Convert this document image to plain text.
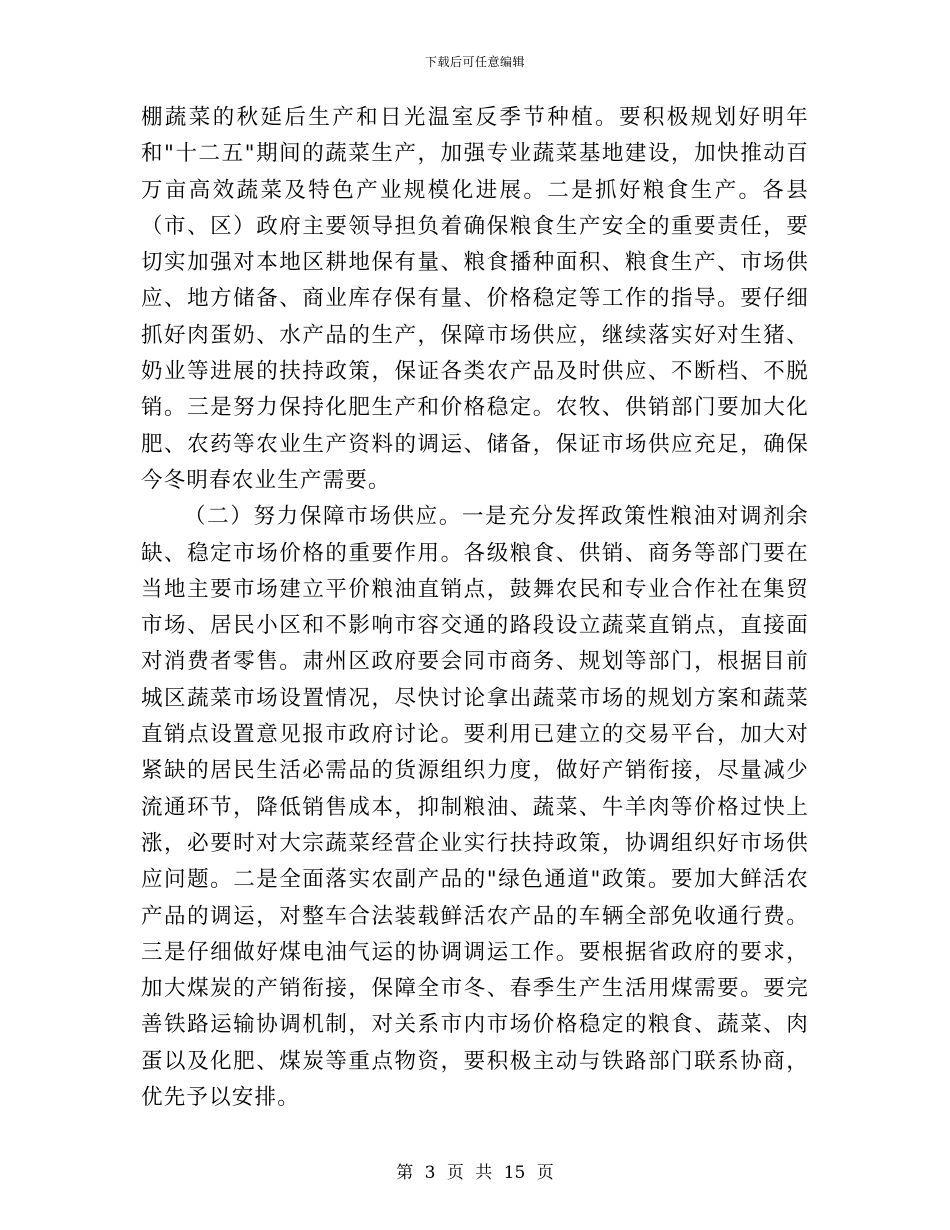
下载后可任意编辑

棚蔬菜的秋延后生产和日光温室反季节种植。要积极规划好明年和"十二五"期间的蔬菜生产，加强专业蔬菜基地建设，加快推动百万亩高效蔬菜及特色产业规模化进展。二是抓好粮食生产。各县（市、区）政府主要领导担负着确保粮食生产安全的重要责任，要切实加强对本地区耕地保有量、粮食播种面积、粮食生产、市场供应、地方储备、商业库存保有量、价格稳定等工作的指导。要仔细抓好肉蛋奶、水产品的生产，保障市场供应，继续落实好对生猪、奶业等进展的扶持政策，保证各类农产品及时供应、不断档、不脱销。三是努力保持化肥生产和价格稳定。农牧、供销部门要加大化肥、农药等农业生产资料的调运、储备，保证市场供应充足，确保今冬明春农业生产需要。

（二）努力保障市场供应。一是充分发挥政策性粮油对调剂余缺、稳定市场价格的重要作用。各级粮食、供销、商务等部门要在当地主要市场建立平价粮油直销点，鼓舞农民和专业合作社在集贸市场、居民小区和不影响市容交通的路段设立蔬菜直销点，直接面对消费者零售。肃州区政府要会同市商务、规划等部门，根据目前城区蔬菜市场设置情况，尽快讨论拿出蔬菜市场的规划方案和蔬菜直销点设置意见报市政府讨论。要利用已建立的交易平台，加大对紧缺的居民生活必需品的货源组织力度，做好产销衔接，尽量减少流通环节，降低销售成本，抑制粮油、蔬菜、牛羊肉等价格过快上涨，必要时对大宗蔬菜经营企业实行扶持政策，协调组织好市场供应问题。二是全面落实农副产品的"绿色通道"政策。要加大鲜活农产品的调运，对整车合法装载鲜活农产品的车辆全部免收通行费。三是仔细做好煤电油气运的协调调运工作。要根据省政府的要求，加大煤炭的产销衔接，保障全市冬、春季生产生活用煤需要。要完善铁路运输协调机制，对关系市内市场价格稳定的粮食、蔬菜、肉蛋以及化肥、煤炭等重点物资，要积极主动与铁路部门联系协商，优先予以安排。

第 3 页 共 15 页
